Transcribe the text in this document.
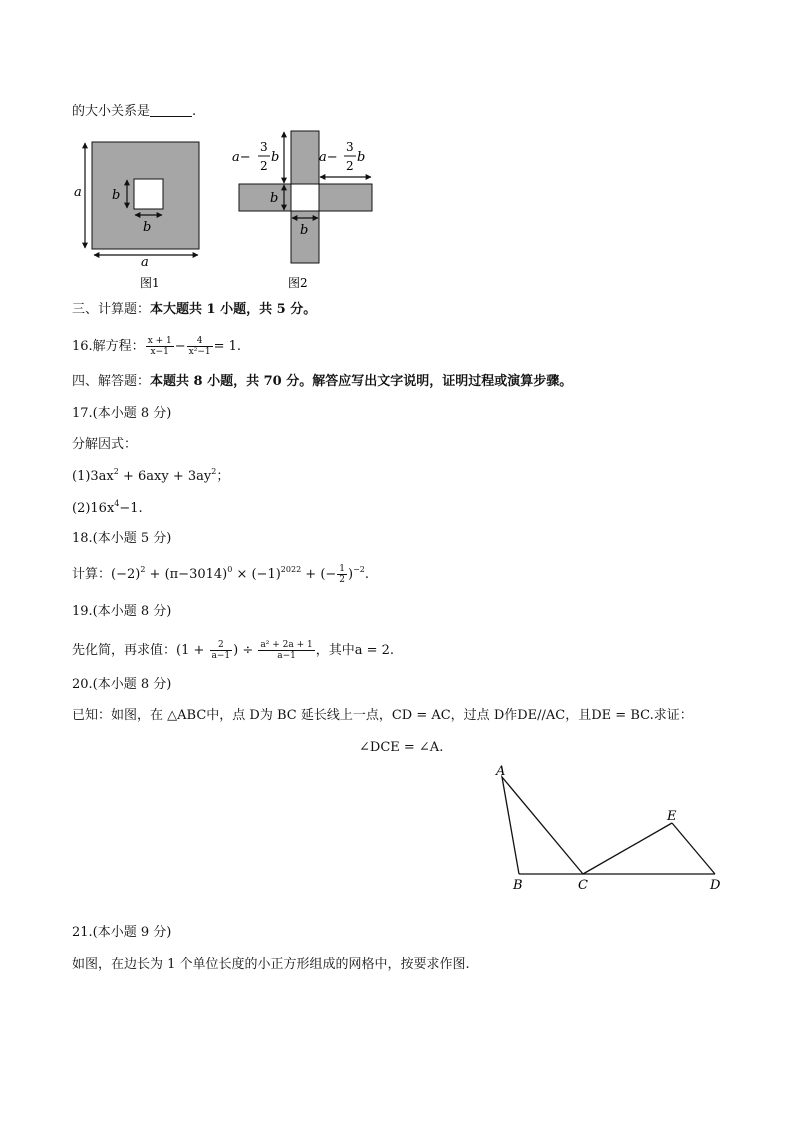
的大小关系是	.
a
a
b
b
图1
a−
3
2
b	a−
3
2
b
b
b
图2
三、计算题：本大题共 1 小题，共 5 分。
16.解方程： $\frac{x + 1}{x-1} - \frac{4}{\text{x²−1}} = 1$.
四、解答题：本题共 8 小题，共 70 分。解答应写出文字说明，证明过程或演算步骤。
17.(本小题 8 分)
分解因式：
$(1)3ax^2 + 6axy + 3ay^2$；
$(2)16x^4-1$.
18.(本小题 5 分)
计算：$(-2)^2 + (\pi-3014)^0 \times (-1)^{2022}$ + (− $\frac{1}{2} )^{-2}$.
19.(本小题 8 分)
先化简，再求值：($1 + \frac{2}{a-1}$ ) ÷ $\frac{\text{a² + 2a + 1}}{a-1}$ ，其中a = 2.
20.(本小题 8 分)
已知：如图，在 △ABC中，点 D为 BC 延长线上一点，CD = AC，过点 D作DE//AC，且DE = BC.求证：
∠DCE = ∠A.
A
B	C	D
E
21.(本小题 9 分)
如图，在边长为 1 个单位长度的小正方形组成的网格中，按要求作图.
